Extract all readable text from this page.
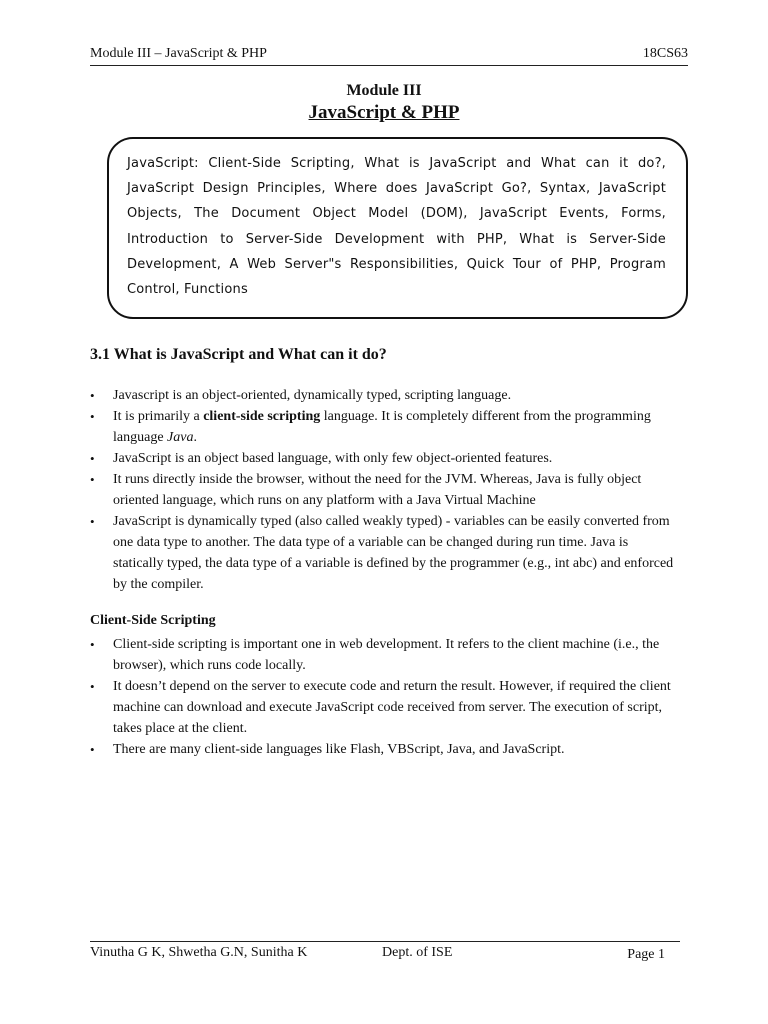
Module III – JavaScript & PHP	18CS63
Module III
JavaScript & PHP
JavaScript: Client-Side Scripting, What is JavaScript and What can it do?, JavaScript Design Principles, Where does JavaScript Go?, Syntax, JavaScript Objects, The Document Object Model (DOM), JavaScript Events, Forms, Introduction to Server-Side Development with PHP, What is Server-Side Development, A Web Server"s Responsibilities, Quick Tour of PHP, Program Control, Functions
3.1 What is JavaScript and What can it do?
• Javascript is an object-oriented, dynamically typed, scripting language.
• It is primarily a client-side scripting language. It is completely different from the programming language Java.
• JavaScript is an object based language, with only few object-oriented features.
• It runs directly inside the browser, without the need for the JVM. Whereas, Java is fully object oriented language, which runs on any platform with a Java Virtual Machine
• JavaScript is dynamically typed (also called weakly typed) - variables can be easily converted from one data type to another. The data type of a variable can be changed during run time. Java is statically typed, the data type of a variable is defined by the programmer (e.g., int abc) and enforced by the compiler.
Client-Side Scripting
• Client-side scripting is important one in web development. It refers to the client machine (i.e., the browser), which runs code locally.
• It doesn’t depend on the server to execute code and return the result. However, if required the client machine can download and execute JavaScript code received from server. The execution of script, takes place at the client.
• There are many client-side languages like Flash, VBScript, Java, and JavaScript.
Vinutha G K, Shwetha G.N, Sunitha K	Dept. of ISE	Page 1
